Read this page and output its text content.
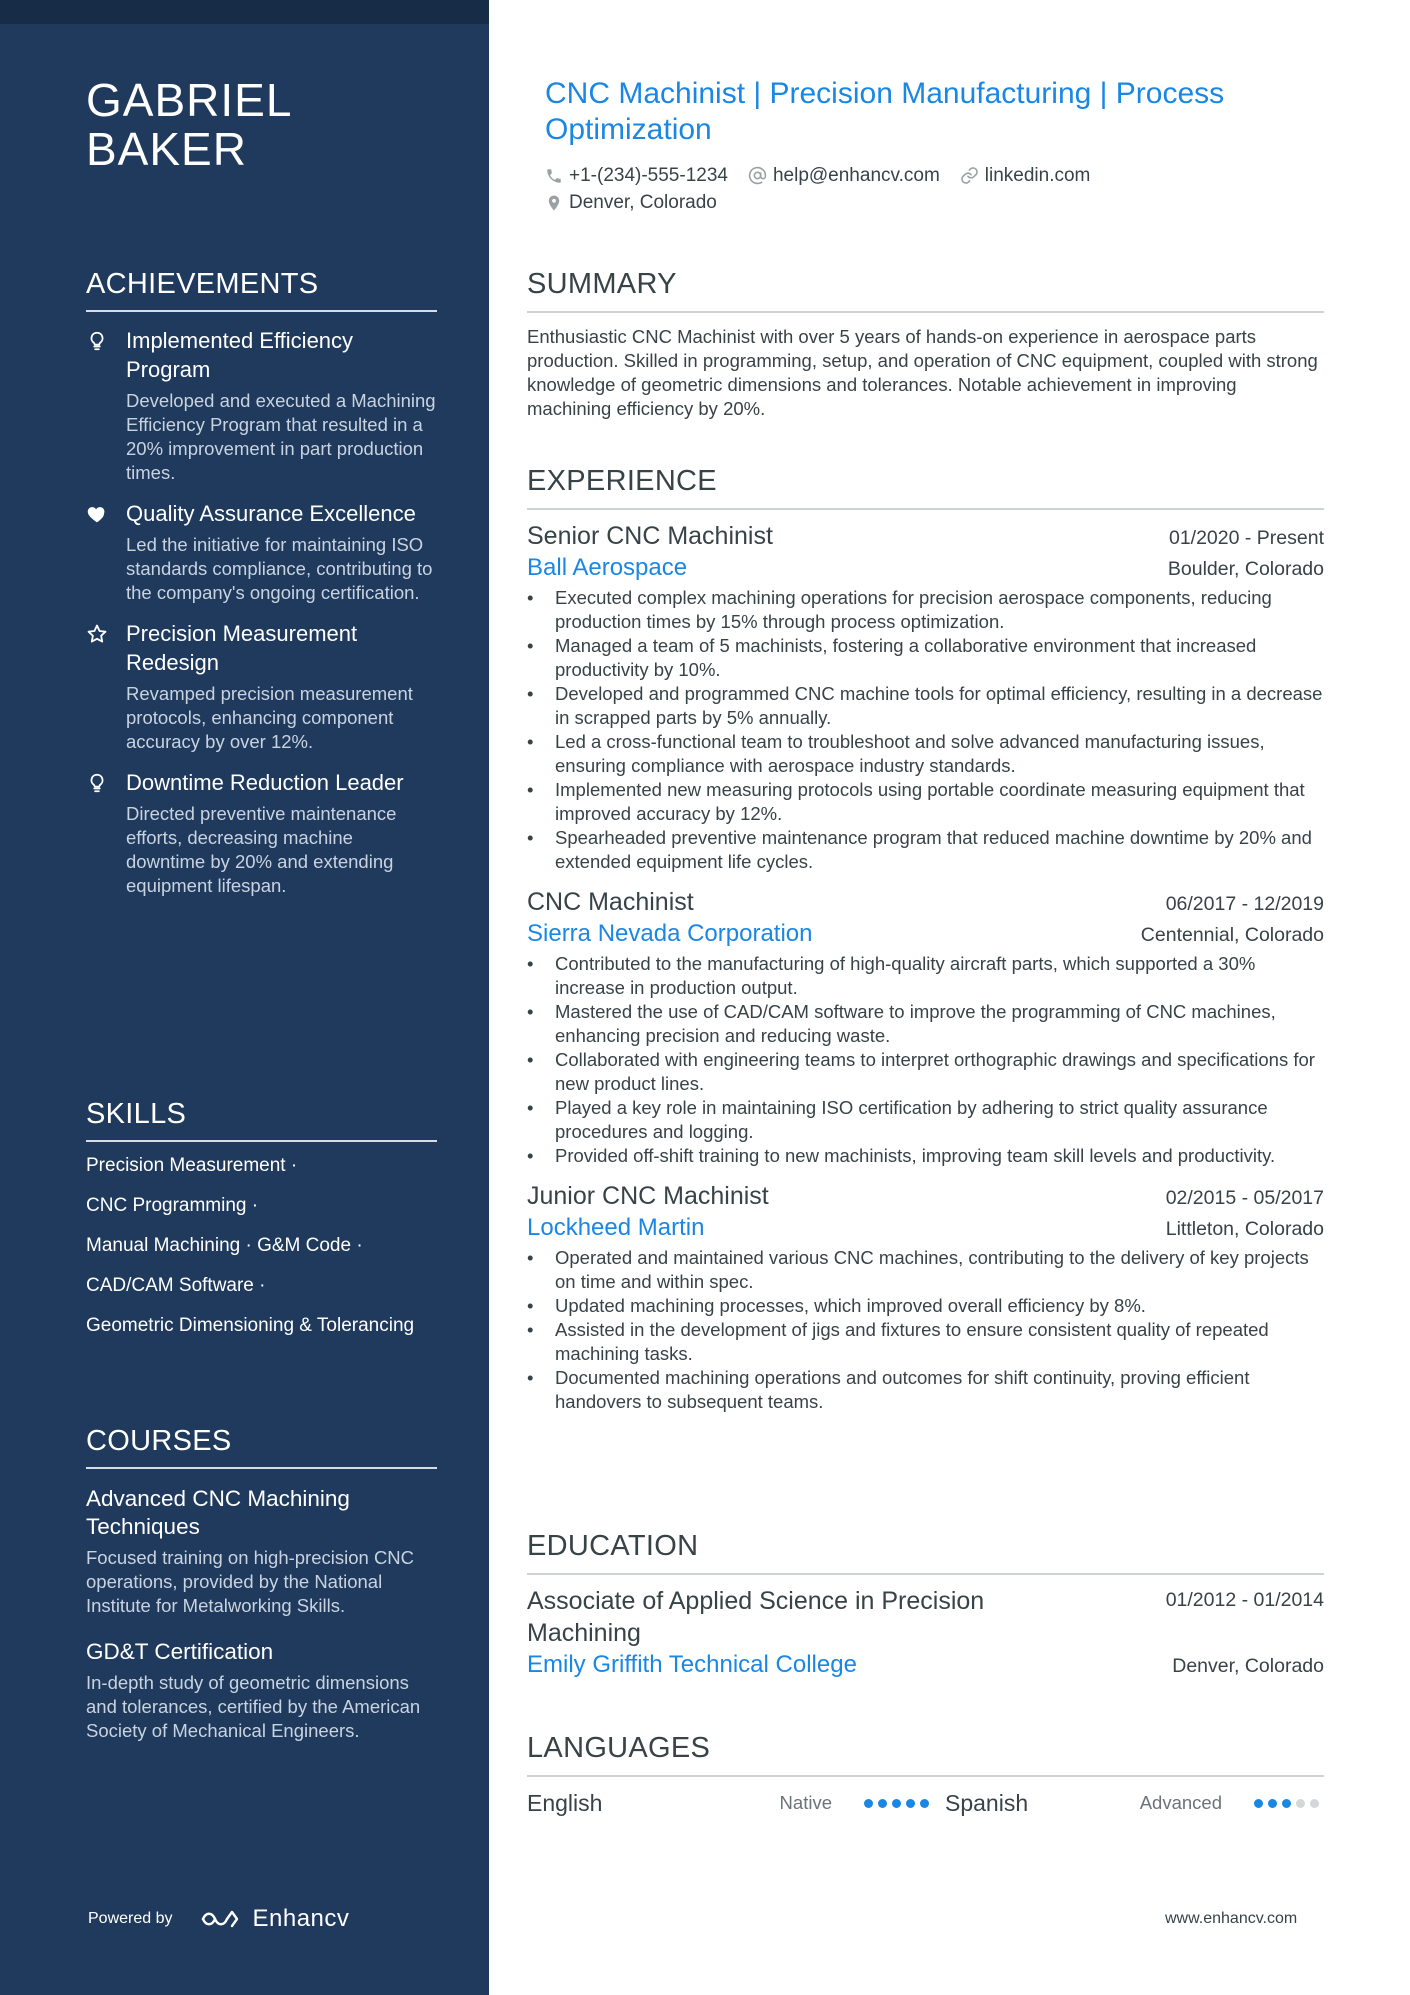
GABRIEL
BAKER
ACHIEVEMENTS
Implemented Efficiency Program
Developed and executed a Machining Efficiency Program that resulted in a 20% improvement in part production times.
Quality Assurance Excellence
Led the initiative for maintaining ISO standards compliance, contributing to the company's ongoing certification.
Precision Measurement Redesign
Revamped precision measurement protocols, enhancing component accuracy by over 12%.
Downtime Reduction Leader
Directed preventive maintenance efforts, decreasing machine downtime by 20% and extending equipment lifespan.
SKILLS
Precision Measurement ·
CNC Programming ·
Manual Machining · G&M Code ·
CAD/CAM Software ·
Geometric Dimensioning & Tolerancing
COURSES
Advanced CNC Machining Techniques
Focused training on high-precision CNC operations, provided by the National Institute for Metalworking Skills.
GD&T Certification
In-depth study of geometric dimensions and tolerances, certified by the American Society of Mechanical Engineers.
Powered by	Enhancv
CNC Machinist | Precision Manufacturing | Process Optimization
+1-(234)-555-1234 help@enhancv.com linkedin.com
Denver, Colorado
SUMMARY

Enthusiastic CNC Machinist with over 5 years of hands-on experience in aerospace parts production. Skilled in programming, setup, and operation of CNC equipment, coupled with strong knowledge of geometric dimensions and tolerances. Notable achievement in improving machining efficiency by 20%.

EXPERIENCE
Senior CNC Machinist	01/2020 - Present
Ball Aerospace	Boulder, Colorado
• Executed complex machining operations for precision aerospace components, reducing production times by 15% through process optimization.
• Managed a team of 5 machinists, fostering a collaborative environment that increased productivity by 10%.
• Developed and programmed CNC machine tools for optimal efficiency, resulting in a decrease in scrapped parts by 5% annually.
• Led a cross-functional team to troubleshoot and solve advanced manufacturing issues, ensuring compliance with aerospace industry standards.
• Implemented new measuring protocols using portable coordinate measuring equipment that improved accuracy by 12%.
• Spearheaded preventive maintenance program that reduced machine downtime by 20% and extended equipment life cycles.
CNC Machinist	06/2017 - 12/2019
Sierra Nevada Corporation	Centennial, Colorado
• Contributed to the manufacturing of high-quality aircraft parts, which supported a 30% increase in production output.
• Mastered the use of CAD/CAM software to improve the programming of CNC machines, enhancing precision and reducing waste.
• Collaborated with engineering teams to interpret orthographic drawings and specifications for new product lines.
• Played a key role in maintaining ISO certification by adhering to strict quality assurance procedures and logging.
• Provided off-shift training to new machinists, improving team skill levels and productivity.
Junior CNC Machinist	02/2015 - 05/2017
Lockheed Martin	Littleton, Colorado
• Operated and maintained various CNC machines, contributing to the delivery of key projects on time and within spec.
• Updated machining processes, which improved overall efficiency by 8%.
• Assisted in the development of jigs and fixtures to ensure consistent quality of repeated machining tasks.
• Documented machining operations and outcomes for shift continuity, proving efficient handovers to subsequent teams.
EDUCATION
Associate of Applied Science in Precision Machining
01/2012 - 01/2014
Emily Griffith Technical College	Denver, Colorado
LANGUAGES
English	Native	Spanish	Advanced
www.enhancv.com
